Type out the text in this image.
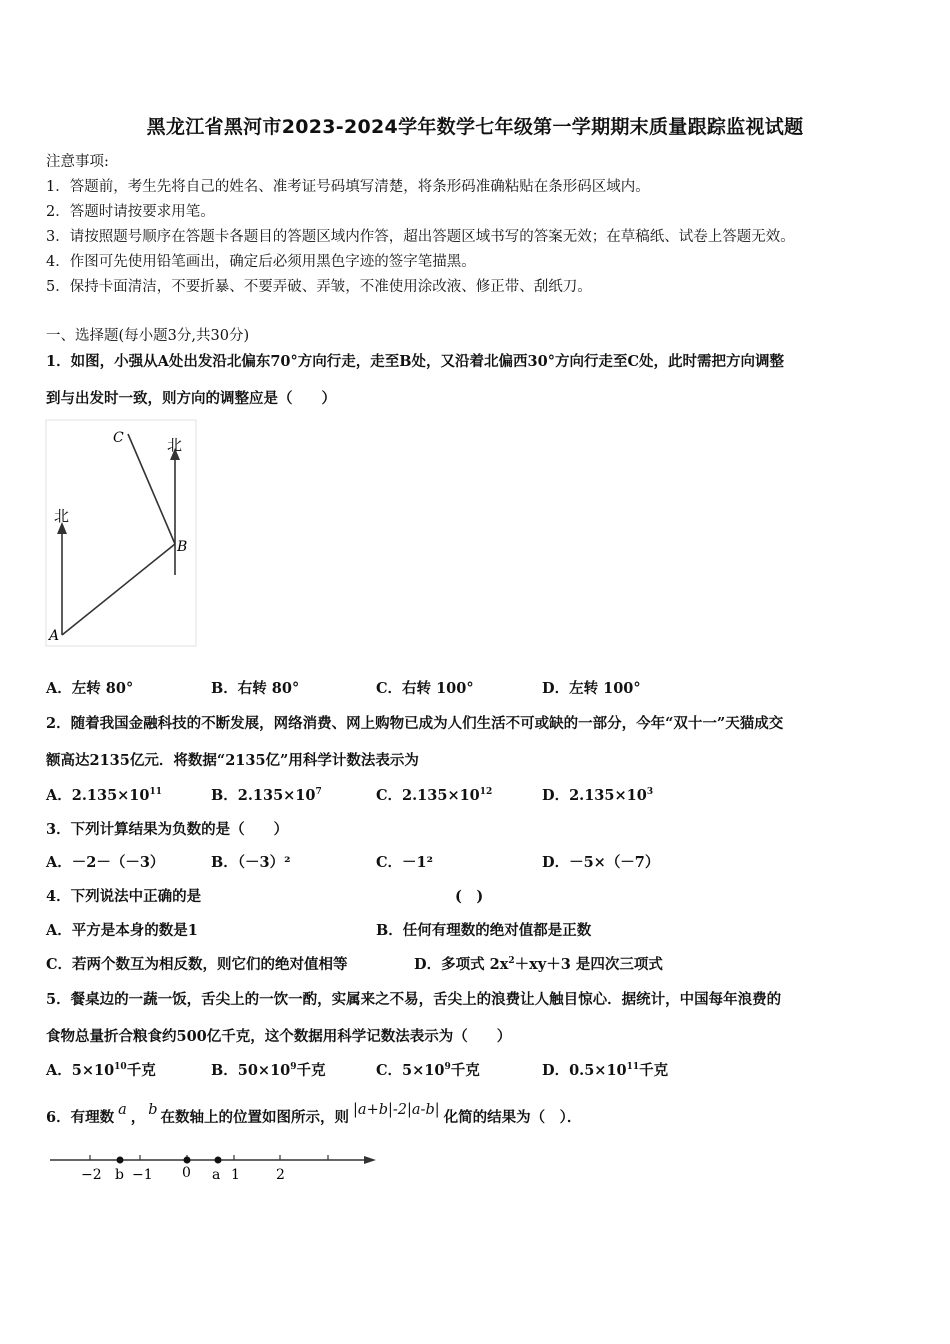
黑龙江省黑河市2023-2024学年数学七年级第一学期期末质量跟踪监视试题
注意事项:
1．答题前，考生先将自己的姓名、准考证号码填写清楚，将条形码准确粘贴在条形码区域内。
2．答题时请按要求用笔。
3．请按照题号顺序在答题卡各题目的答题区域内作答，超出答题区域书写的答案无效；在草稿纸、试卷上答题无效。
4．作图可先使用铅笔画出，确定后必须用黑色字迹的签字笔描黑。
5．保持卡面清洁，不要折暴、不要弄破、弄皱，不准使用涂改液、修正带、刮纸刀。
一、选择题(每小题3分,共30分)
1．如图，小强从A处出发沿北偏东70°方向行走，走至B处，又沿着北偏西30°方向行走至C处，此时需把方向调整
到与出发时一致，则方向的调整应是（　　）
C
B
A
北
北
A．左转 80°	B．右转 80°	C．右转 100°	D．左转 100°
2．随着我国金融科技的不断发展，网络消费、网上购物已成为人们生活不可或缺的一部分，今年“双十一”天猫成交
额高达2135亿元．将数据“2135亿”用科学计数法表示为
A．$2.135\times 10^{11}$	B．$2.135\times 10^7$	C．$2.135\times 10^{12}$	D．$2.135\times 10^3$
3．下列计算结果为负数的是（　　）
A．－2－（－3）	B．（－3）²	C．－1²	D．－5×（－7）
4．下列说法中正确的是	(　)
A．平方是本身的数是1	B．任何有理数的绝对值都是正数
C．若两个数互为相反数，则它们的绝对值相等	D．多项式 $2x^2+xy+3$ 是四次三项式
5．餐桌边的一蔬一饭，舌尖上的一饮一酌，实属来之不易，舌尖上的浪费让人触目惊心．据统计，中国每年浪费的
食物总量折合粮食约500亿千克，这个数据用科学记数法表示为（　　）
A．$5\times 10^{10}$千克	B．$50\times 10^9$千克	C．$5\times 10^9$千克	D．$0.5\times 10^{11}$千克
6．有理数 a ， b 在数轴上的位置如图所示，则 |a+b|-2|a-b| 化简的结果为（　）．
−2 b −1 0 a 1	2
